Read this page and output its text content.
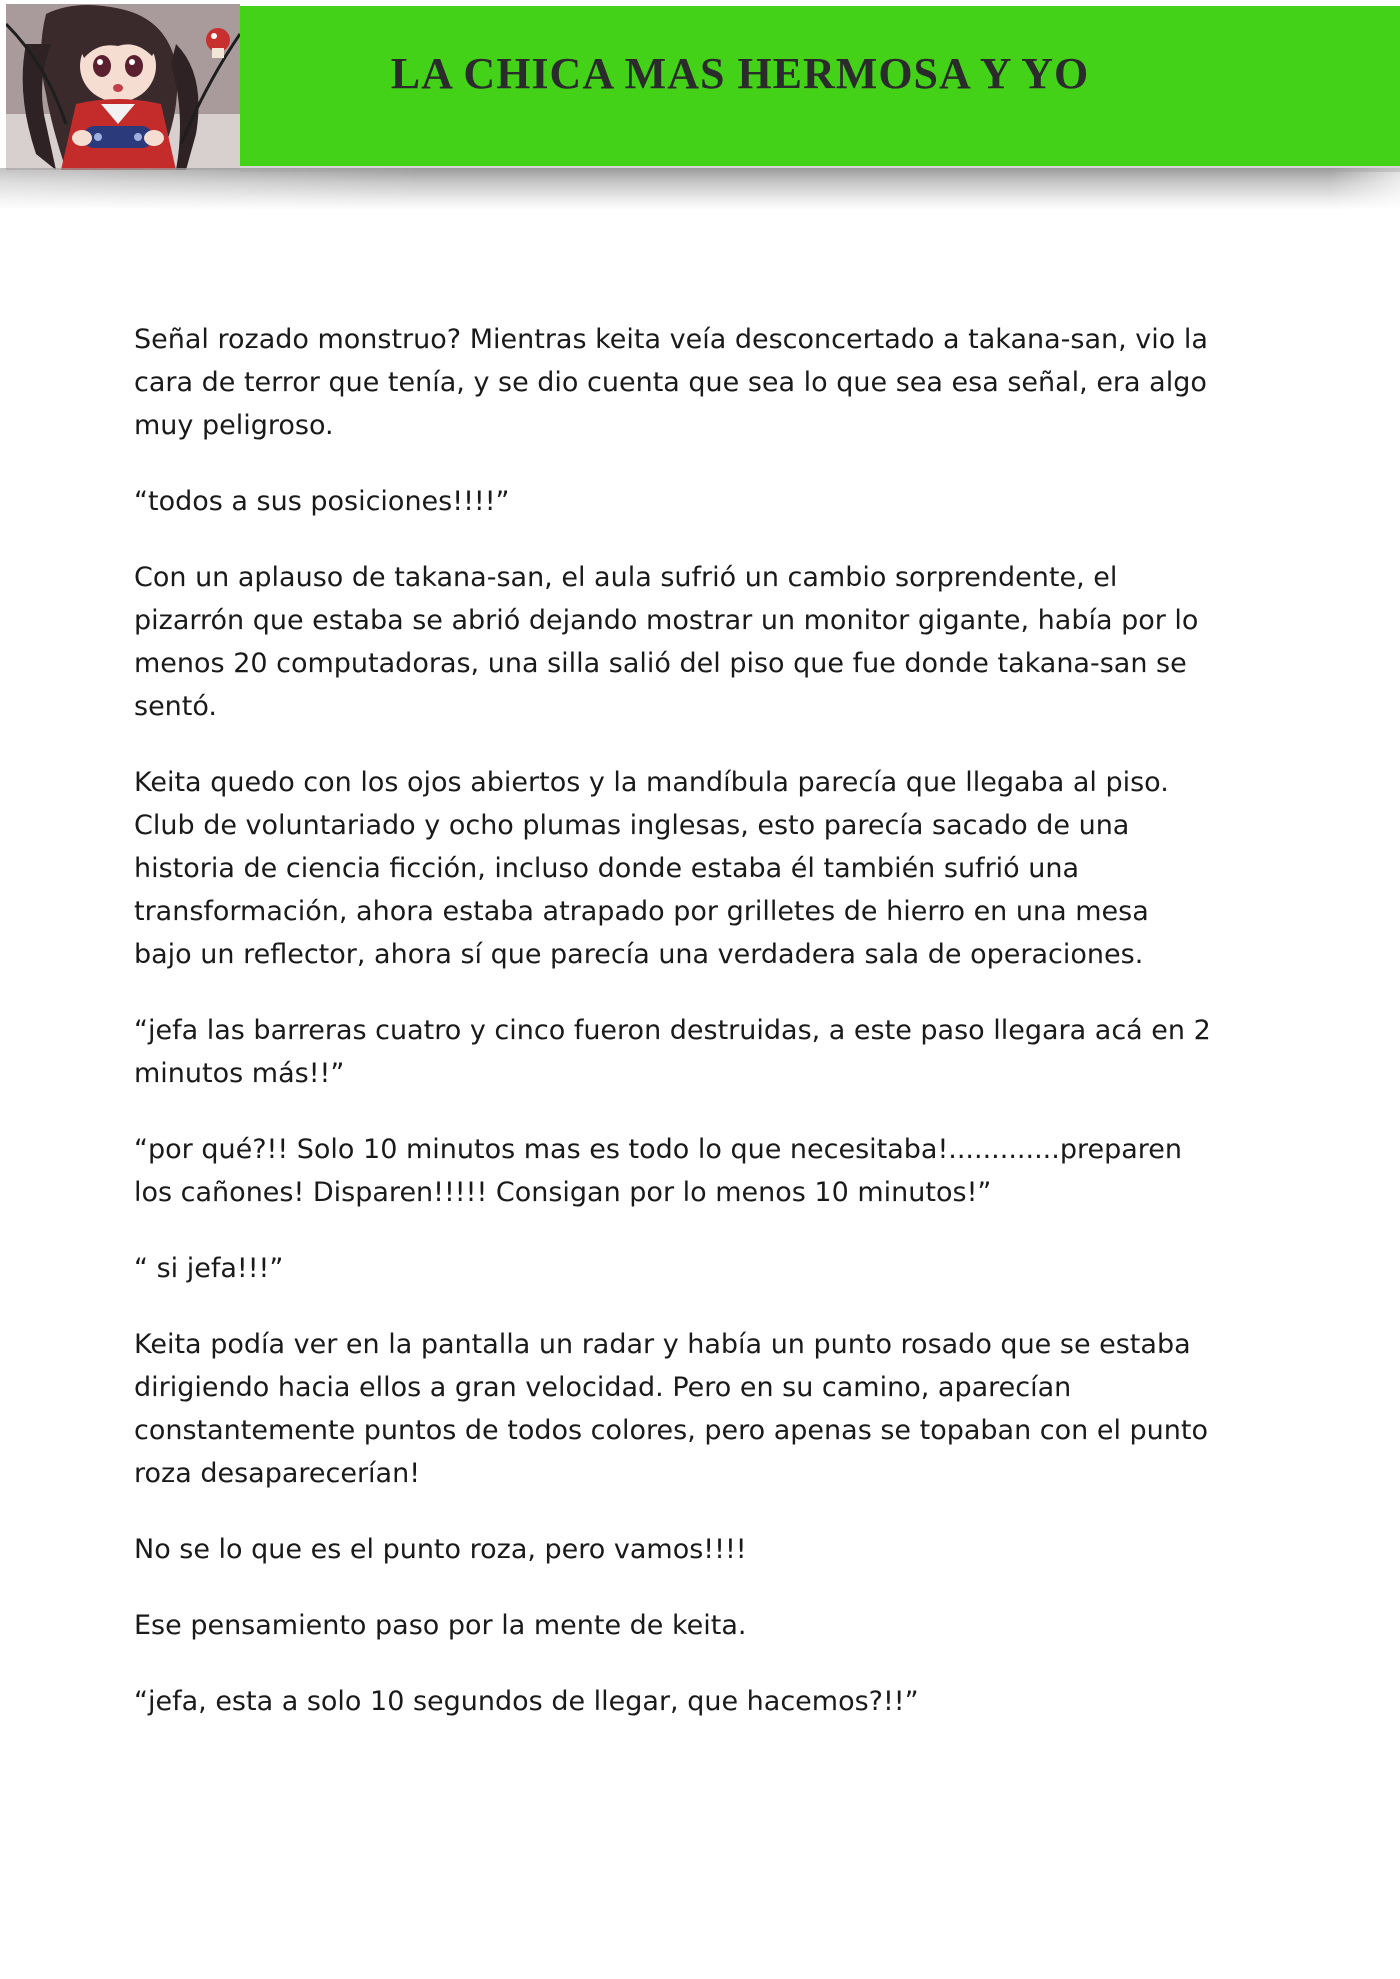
LA CHICA MAS HERMOSA Y YO

Señal rozado monstruo? Mientras keita veía desconcertado a takana-san, vio la cara de terror que tenía, y se dio cuenta que sea lo que sea esa señal, era algo muy peligroso.

“todos a sus posiciones!!!!”

Con un aplauso de takana-san, el aula sufrió un cambio sorprendente, el pizarrón que estaba se abrió dejando mostrar un monitor gigante, había por lo menos 20 computadoras, una silla salió del piso que fue donde takana-san se sentó.

Keita quedo con los ojos abiertos y la mandíbula parecía que llegaba al piso. Club de voluntariado y ocho plumas inglesas, esto parecía sacado de una historia de ciencia ficción, incluso donde estaba él también sufrió una transformación, ahora estaba atrapado por grilletes de hierro en una mesa bajo un reflector, ahora sí que parecía una verdadera sala de operaciones.

“jefa las barreras cuatro y cinco fueron destruidas, a este paso llegara acá en 2 minutos más!!”

“por qué?!! Solo 10 minutos mas es todo lo que necesitaba!.............preparen los cañones! Disparen!!!!! Consigan por lo menos 10 minutos!”

“ si jefa!!!”

Keita podía ver en la pantalla un radar y había un punto rosado que se estaba dirigiendo hacia ellos a gran velocidad. Pero en su camino, aparecían constantemente puntos de todos colores, pero apenas se topaban con el punto roza desaparecerían!

No se lo que es el punto roza, pero vamos!!!!

Ese pensamiento paso por la mente de keita.

“jefa, esta a solo 10 segundos de llegar, que hacemos?!!”
